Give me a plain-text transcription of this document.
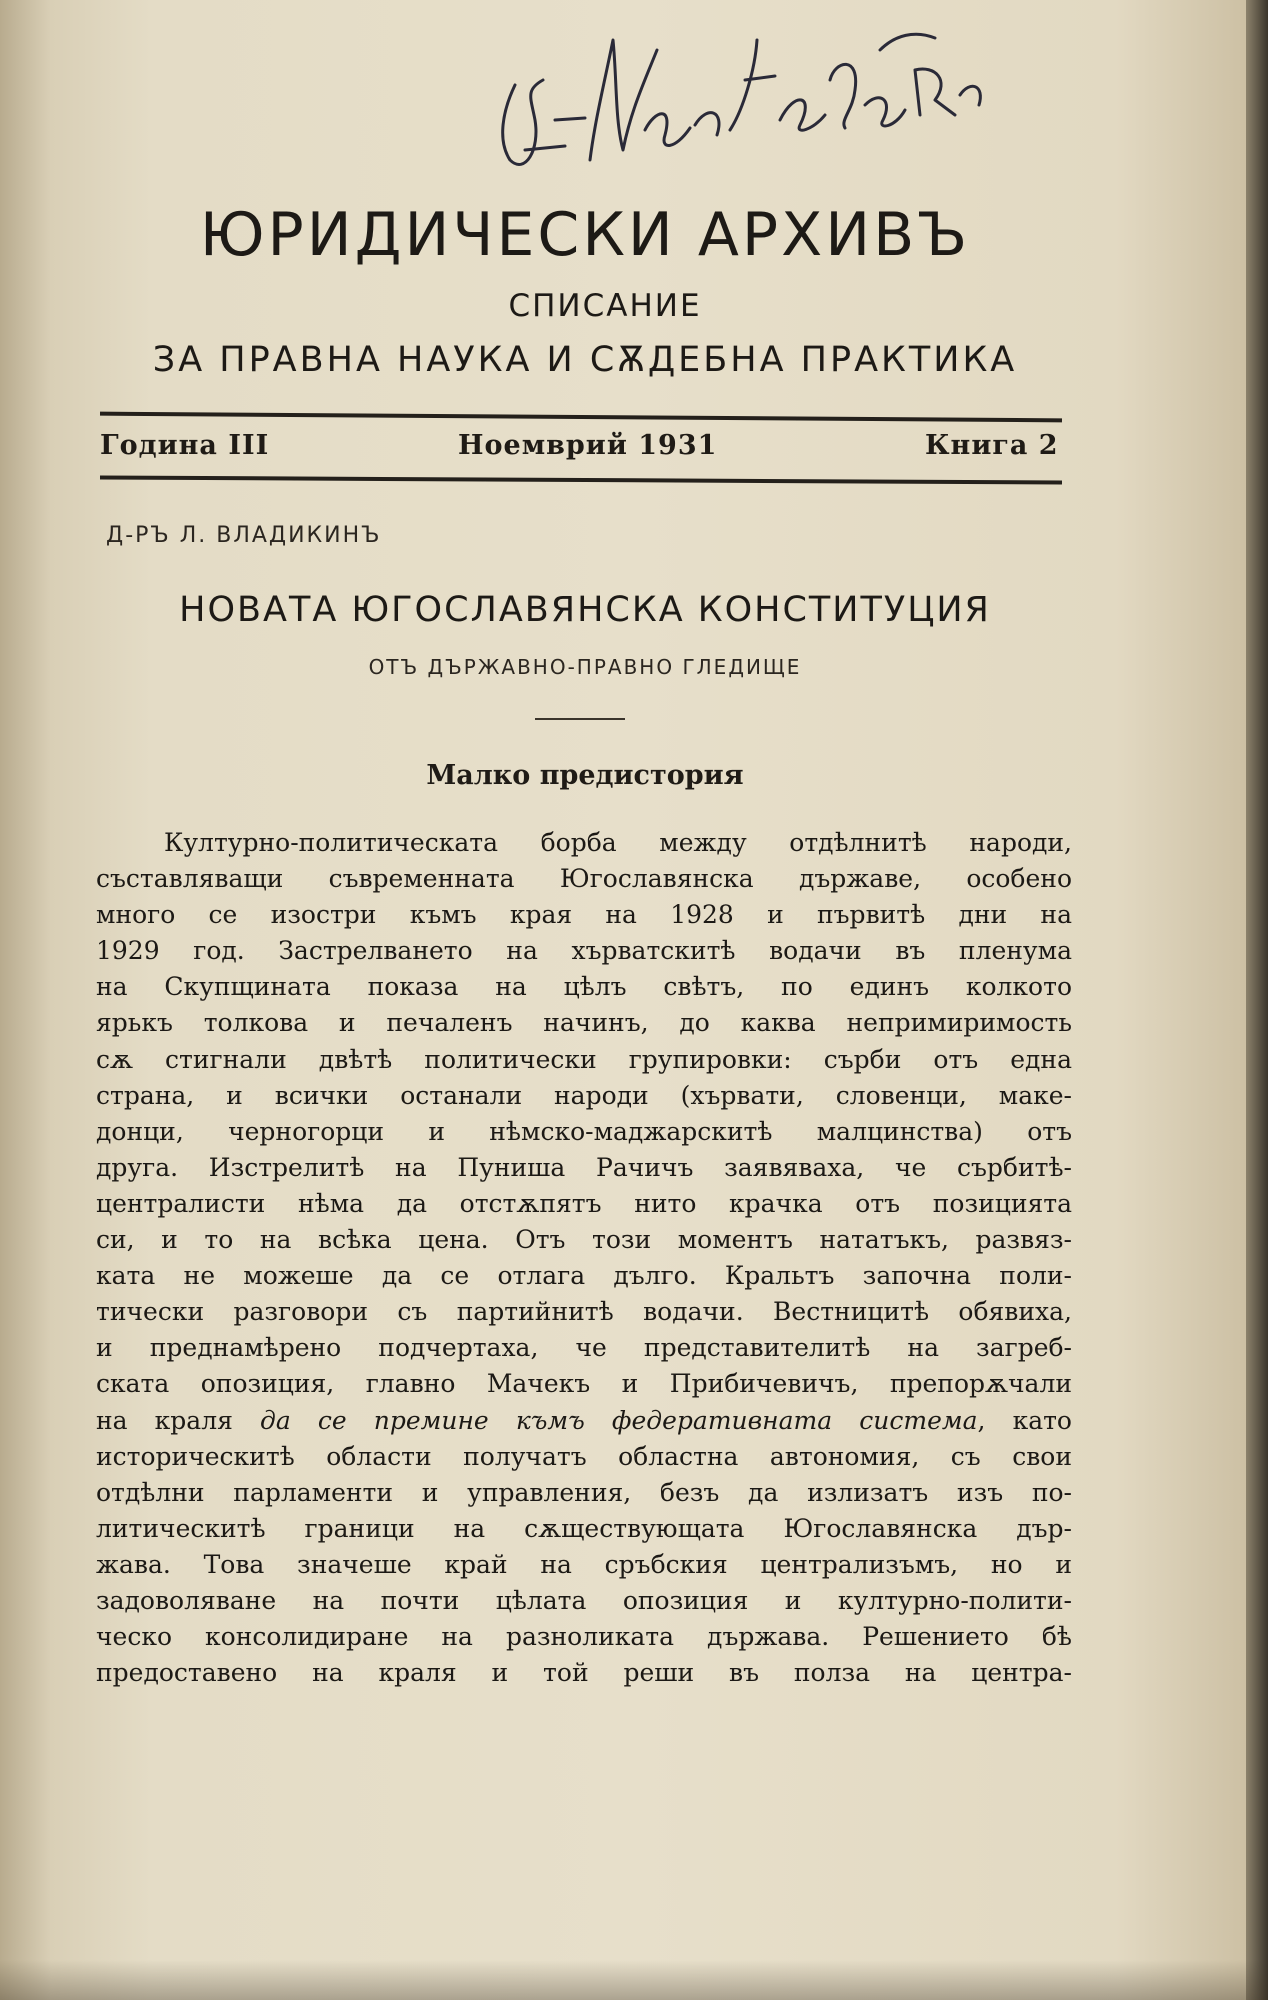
ЮРИДИЧЕСКИ АРХИВЪ

СПИСАНИЕ

ЗА ПРАВНА НАУКА И СѪДЕБНА ПРАКТИКА

Година III	Ноемврий 1931	Книга 2

Д-РЪ Л. ВЛАДИКИНЪ

НОВАТА ЮГОСЛАВЯНСКА КОНСТИТУЦИЯ

ОТЪ ДЪРЖАВНО-ПРАВНО ГЛЕДИЩЕ

Малко предистория
Културно-политическата борба между отдѣлнитѣ народи,
съставляващи съвременната Югославянска държаве, особено
много се изостри къмъ края на 1928 и първитѣ дни на
1929 год. Застрелването на хърватскитѣ водачи въ пленума
на Скупщината показа на цѣлъ свѣтъ, по единъ колкото
ярькъ толкова и печаленъ начинъ, до каква непримиримость
сѫ стигнали двѣтѣ политически групировки: сърби отъ една
страна, и всички останали народи (хървати, словенци, маке-
донци, черногорци и нѣмско-маджарскитѣ малцинства) отъ
друга. Изстрелитѣ на Пуниша Рачичъ заявяваха, че сърбитѣ-
централисти нѣма да отстѫпятъ нито крачка отъ позицията
си, и то на всѣка цена. Отъ този моментъ нататъкъ, развяз-
ката не можеше да се отлага дълго. Кральтъ започна поли-
тически разговори съ партийнитѣ водачи. Вестницитѣ обявиха,
и преднамѣрено подчертаха, че представителитѣ на загреб-
ската опозиция, главно Мачекъ и Прибичевичъ, препорѫчали
на краля да се премине къмъ федеративната система, като
историческитѣ области получатъ областна автономия, съ свои
отдѣлни парламенти и управления, безъ да излизатъ изъ по-
литическитѣ граници на сѫществующата Югославянска дър-
жава. Това значеше край на сръбския централизъмъ, но и
задоволяване на почти цѣлата опозиция и културно-полити-
ческо консолидиране на разноликата държава. Решението бѣ
предоставено на краля и той реши въ полза на центра-
